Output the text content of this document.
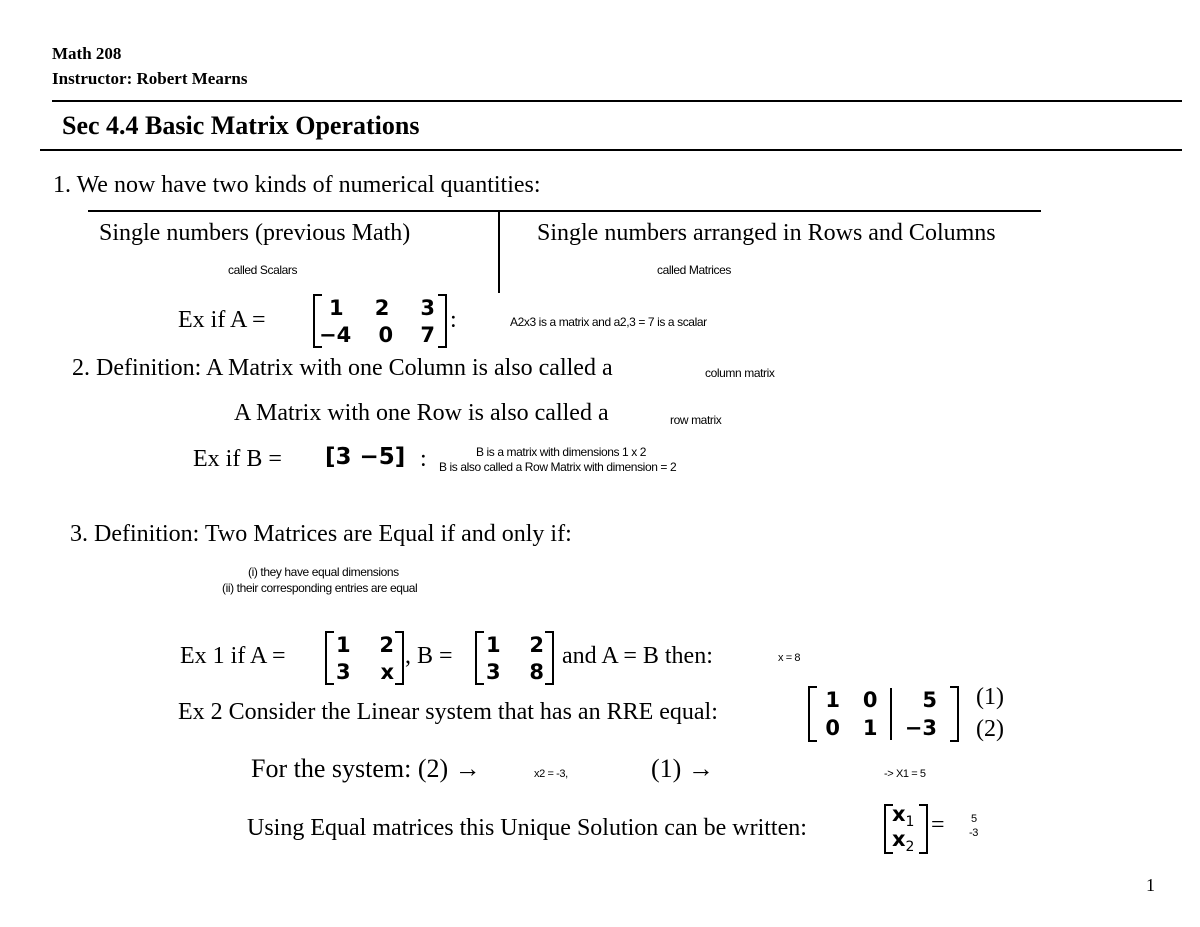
Math 208
Instructor: Robert Mearns
Sec 4.4 Basic Matrix Operations
1. We now have two kinds of numerical quantities:
Single numbers (previous Math)
called Scalars
Single numbers arranged in Rows and Columns
called Matrices
Ex if A =	1 2 3
−4 0 7
:	A2x3 is a matrix and a2,3 = 7 is a scalar
2. Definition: A Matrix with one Column is also called a	column matrix
A Matrix with one Row is also called a	row matrix
Ex if B = [3 −5] :	B is a matrix with dimensions 1 x 2
B is also called a Row Matrix with dimension = 2
3. Definition: Two Matrices are Equal if and only if:
(i) they have equal dimensions
(ii) their corresponding entries are equal
Ex 1 if A = 1 2
3 x
, B = 1 2
3 8
and A = B then:	x = 8
Ex 2 Consider the Linear system that has an RRE equal:	1	0	5
0	1	−3
(1)
(2)
For the system: (2) →	x2 = -3,	(1) →	-> X1 = 5
Using Equal matrices this Unique Solution can be written:
$x_1$
$x_2$
= 5
-3
1
